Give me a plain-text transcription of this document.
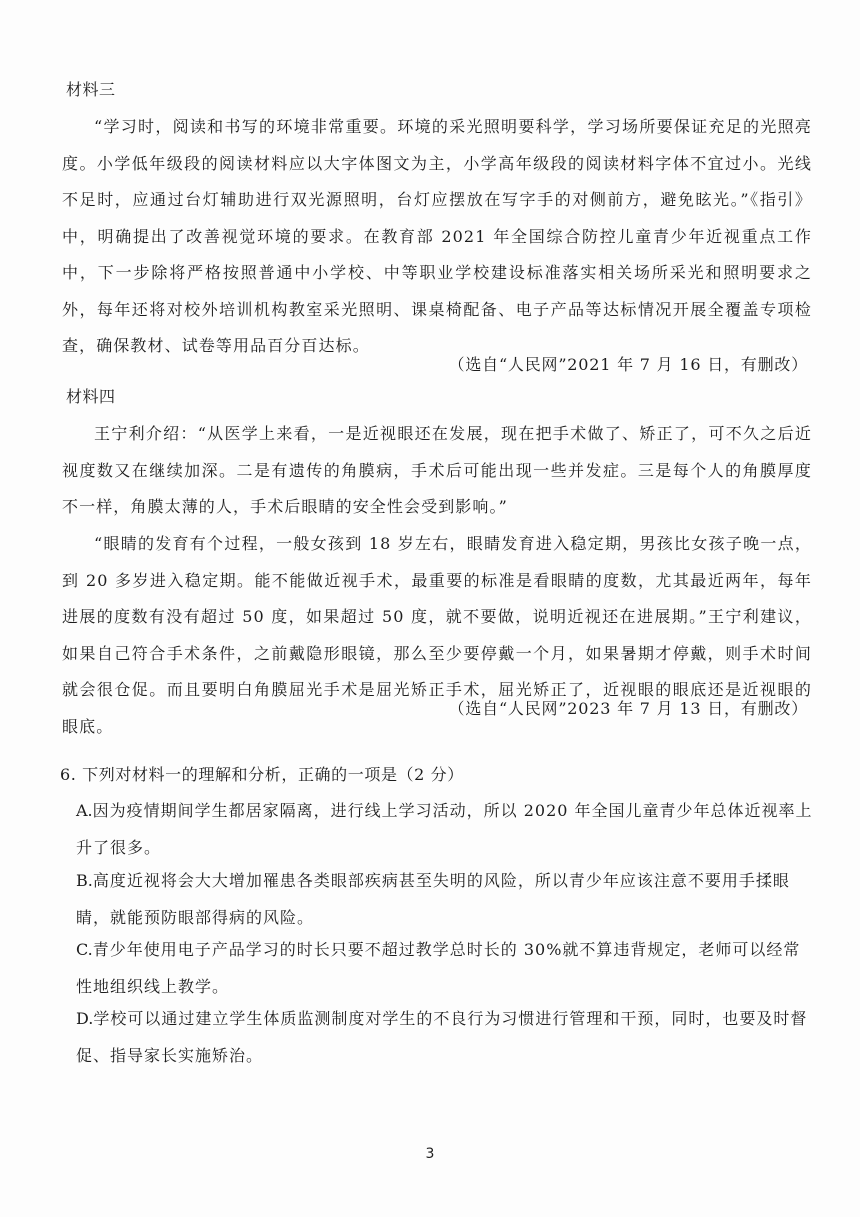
材料三

“学习时，阅读和书写的环境非常重要。环境的采光照明要科学，学习场所要保证充足的光照亮度。小学低年级段的阅读材料应以大字体图文为主，小学高年级段的阅读材料字体不宜过小。光线不足时，应通过台灯辅助进行双光源照明，台灯应摆放在写字手的对侧前方，避免眩光。”《指引》中，明确提出了改善视觉环境的要求。在教育部 2021 年全国综合防控儿童青少年近视重点工作中，下一步除将严格按照普通中小学校、中等职业学校建设标准落实相关场所采光和照明要求之外，每年还将对校外培训机构教室采光照明、课桌椅配备、电子产品等达标情况开展全覆盖专项检查，确保教材、试卷等用品百分百达标。

（选自“人民网”2021 年 7 月 16 日，有删改）
材料四

王宁利介绍：“从医学上来看，一是近视眼还在发展，现在把手术做了、矫正了，可不久之后近视度数又在继续加深。二是有遗传的角膜病，手术后可能出现一些并发症。三是每个人的角膜厚度不一样，角膜太薄的人，手术后眼睛的安全性会受到影响。”

“眼睛的发育有个过程，一般女孩到 18 岁左右，眼睛发育进入稳定期，男孩比女孩子晚一点，到 20 多岁进入稳定期。能不能做近视手术，最重要的标准是看眼睛的度数，尤其最近两年，每年进展的度数有没有超过 50 度，如果超过 50 度，就不要做，说明近视还在进展期。”王宁利建议，如果自己符合手术条件，之前戴隐形眼镜，那么至少要停戴一个月，如果暑期才停戴，则手术时间就会很仓促。而且要明白角膜屈光手术是屈光矫正手术，屈光矫正了，近视眼的眼底还是近视眼的眼底。

（选自“人民网”2023 年 7 月 13 日，有删改）
6. 下列对材料一的理解和分析，正确的一项是（2 分）

A.因为疫情期间学生都居家隔离，进行线上学习活动，所以 2020 年全国儿童青少年总体近视率上升了很多。

B.高度近视将会大大增加罹患各类眼部疾病甚至失明的风险，所以青少年应该注意不要用手揉眼睛，就能预防眼部得病的风险。

C.青少年使用电子产品学习的时长只要不超过教学总时长的 30%就不算违背规定，老师可以经常性地组织线上教学。

D.学校可以通过建立学生体质监测制度对学生的不良行为习惯进行管理和干预，同时，也要及时督促、指导家长实施矫治。

3
